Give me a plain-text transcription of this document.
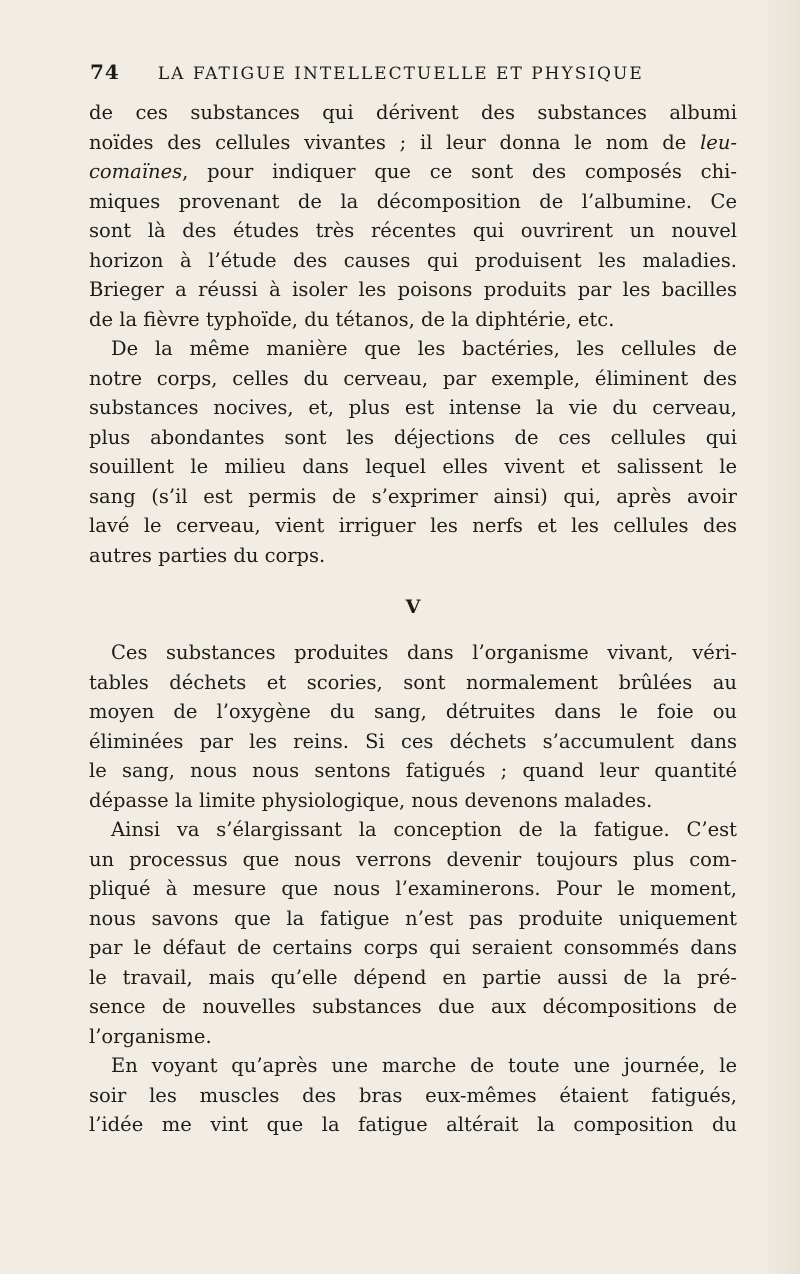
74 LA FATIGUE INTELLECTUELLE ET PHYSIQUE
de ces substances qui dérivent des substances albumi
noïdes des cellules vivantes ; il leur donna le nom de leu-
comaïnes, pour indiquer que ce sont des composés chi-
miques provenant de la décomposition de l’albumine. Ce
sont là des études très récentes qui ouvrirent un nouvel
horizon à l’étude des causes qui produisent les maladies.
Brieger a réussi à isoler les poisons produits par les bacilles
de la fièvre typhoïde, du tétanos, de la diphtérie, etc.
De la même manière que les bactéries, les cellules de
notre corps, celles du cerveau, par exemple, éliminent des
substances nocives, et, plus est intense la vie du cerveau,
plus abondantes sont les déjections de ces cellules qui
souillent le milieu dans lequel elles vivent et salissent le
sang (s’il est permis de s’exprimer ainsi) qui, après avoir
lavé le cerveau, vient irriguer les nerfs et les cellules des
autres parties du corps.
V
Ces substances produites dans l’organisme vivant, véri-
tables déchets et scories, sont normalement brûlées au
moyen de l’oxygène du sang, détruites dans le foie ou
éliminées par les reins. Si ces déchets s’accumulent dans
le sang, nous nous sentons fatigués ; quand leur quantité
dépasse la limite physiologique, nous devenons malades.
Ainsi va s’élargissant la conception de la fatigue. C’est
un processus que nous verrons devenir toujours plus com-
pliqué à mesure que nous l’examinerons. Pour le moment,
nous savons que la fatigue n’est pas produite uniquement
par le défaut de certains corps qui seraient consommés dans
le travail, mais qu’elle dépend en partie aussi de la pré-
sence de nouvelles substances due aux décompositions de
l’organisme.
En voyant qu’après une marche de toute une journée, le
soir les muscles des bras eux-mêmes étaient fatigués,
l’idée me vint que la fatigue altérait la composition du
